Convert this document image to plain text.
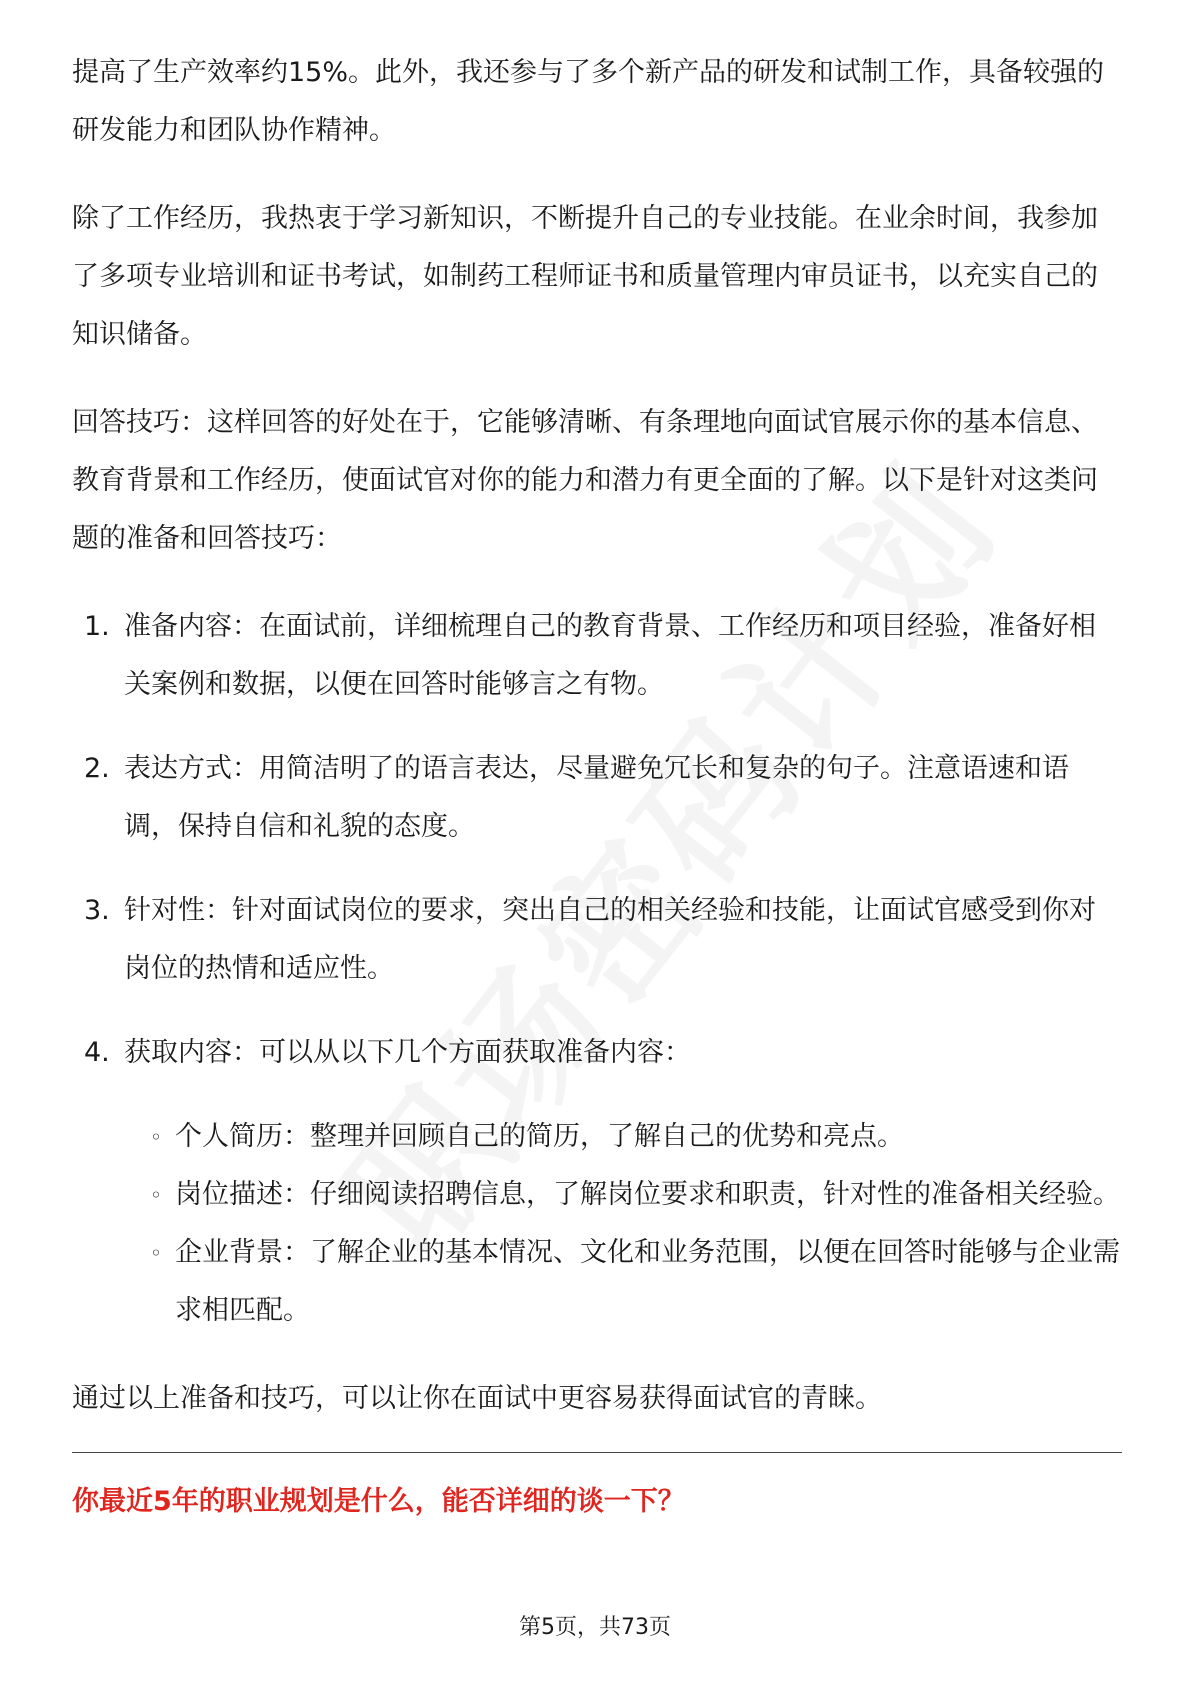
提高了生产效率约15%。此外，我还参与了多个新产品的研发和试制工作，具备较强的研发能力和团队协作精神。

除了工作经历，我热衷于学习新知识，不断提升自己的专业技能。在业余时间，我参加了多项专业培训和证书考试，如制药工程师证书和质量管理内审员证书，以充实自己的知识储备。

回答技巧：这样回答的好处在于，它能够清晰、有条理地向面试官展示你的基本信息、教育背景和工作经历，使面试官对你的能力和潜力有更全面的了解。以下是针对这类问题的准备和回答技巧：

1. 准备内容：在面试前，详细梳理自己的教育背景、工作经历和项目经验，准备好相关案例和数据，以便在回答时能够言之有物。
2. 表达方式：用简洁明了的语言表达，尽量避免冗长和复杂的句子。注意语速和语调，保持自信和礼貌的态度。
3. 针对性：针对面试岗位的要求，突出自己的相关经验和技能，让面试官感受到你对岗位的热情和适应性。
4. 获取内容：可以从以下几个方面获取准备内容：
◦ 个人简历：整理并回顾自己的简历，了解自己的优势和亮点。
◦ 岗位描述：仔细阅读招聘信息，了解岗位要求和职责，针对性的准备相关经验。
◦ 企业背景：了解企业的基本情况、文化和业务范围，以便在回答时能够与企业需求相匹配。

通过以上准备和技巧，可以让你在面试中更容易获得面试官的青睐。

你最近5年的职业规划是什么，能否详细的谈一下？
第5页，共73页
